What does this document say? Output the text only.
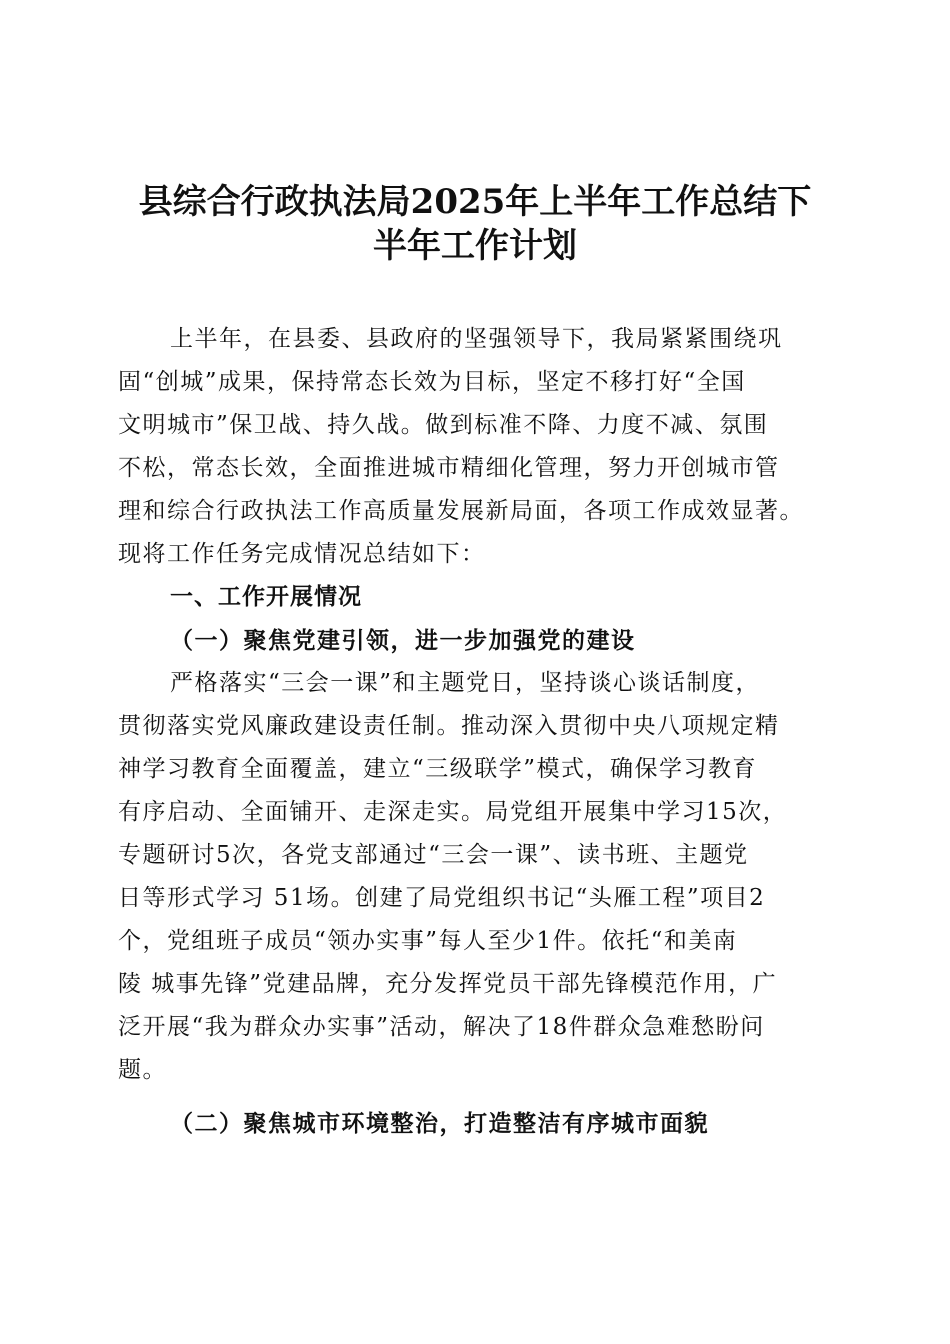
县综合行政执法局2025年上半年工作总结下
半年工作计划

上半年，在县委、县政府的坚强领导下，我局紧紧围绕巩
固“创城”成果，保持常态长效为目标，坚定不移打好“全国
文明城市”保卫战、持久战。做到标准不降、力度不减、氛围
不松，常态长效，全面推进城市精细化管理，努力开创城市管
理和综合行政执法工作高质量发展新局面，各项工作成效显著。
现将工作任务完成情况总结如下：

一、工作开展情况
（一）聚焦党建引领，进一步加强党的建设

严格落实“三会一课”和主题党日，坚持谈心谈话制度，
贯彻落实党风廉政建设责任制。推动深入贯彻中央八项规定精
神学习教育全面覆盖，建立“三级联学”模式，确保学习教育
有序启动、全面铺开、走深走实。局党组开展集中学习15次，
专题研讨5次，各党支部通过“三会一课”、读书班、主题党
日等形式学习 51场。创建了局党组织书记“头雁工程”项目2
个，党组班子成员“领办实事”每人至少1件。依托“和美南
陵 城事先锋”党建品牌，充分发挥党员干部先锋模范作用，广
泛开展“我为群众办实事”活动，解决了18件群众急难愁盼问
题。

（二）聚焦城市环境整治，打造整洁有序城市面貌
